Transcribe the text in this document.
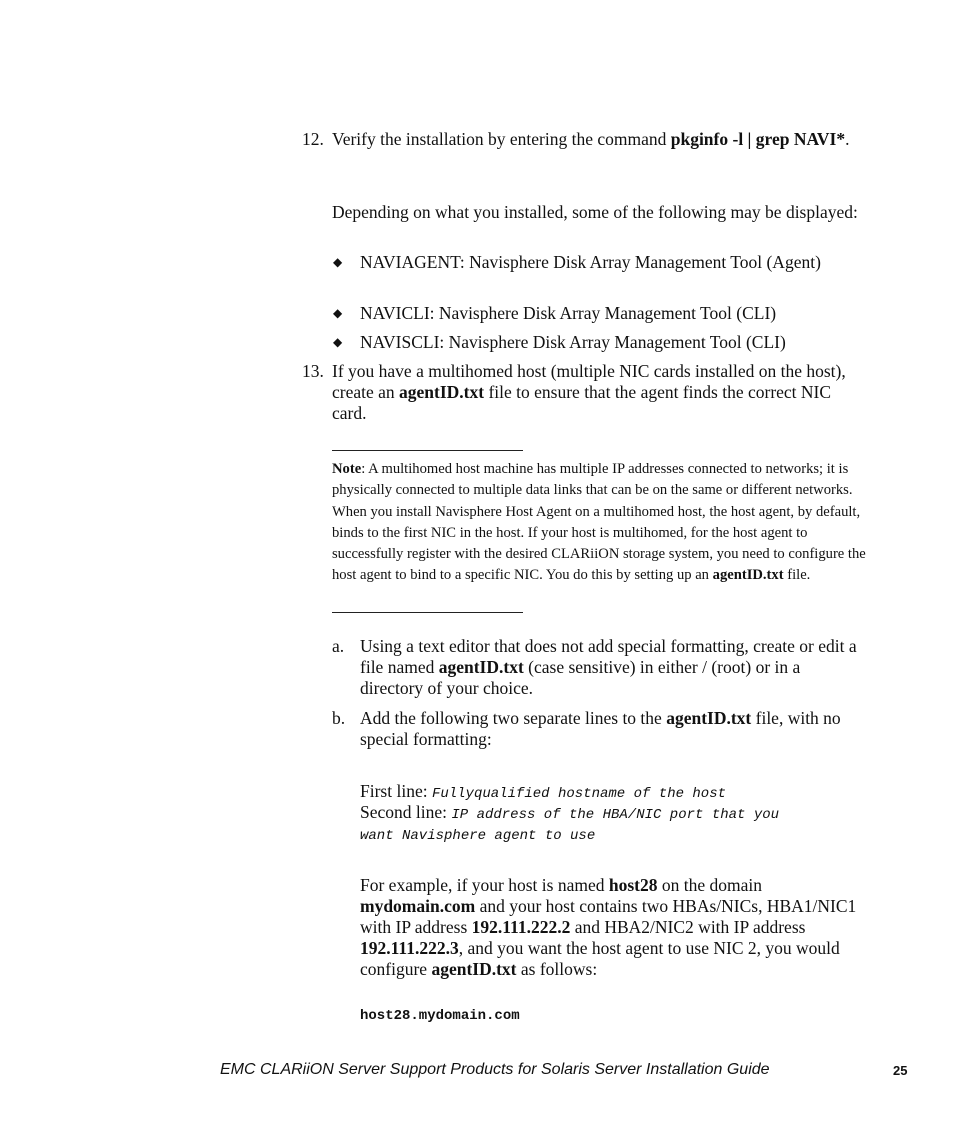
12. Verify the installation by entering the command pkginfo -l | grep NAVI*.
Depending on what you installed, some of the following may be displayed:
◆ NAVIAGENT: Navisphere Disk Array Management Tool (Agent)
◆ NAVICLI: Navisphere Disk Array Management Tool (CLI)
◆ NAVISCLI: Navisphere Disk Array Management Tool (CLI)
13. If you have a multihomed host (multiple NIC cards installed on the host), create an agentID.txt file to ensure that the agent finds the correct NIC card.
Note: A multihomed host machine has multiple IP addresses connected to networks; it is physically connected to multiple data links that can be on the same or different networks. When you install Navisphere Host Agent on a multihomed host, the host agent, by default, binds to the first NIC in the host. If your host is multihomed, for the host agent to successfully register with the desired CLARiiON storage system, you need to configure the host agent to bind to a specific NIC. You do this by setting up an agentID.txt file.
a. Using a text editor that does not add special formatting, create or edit a file named agentID.txt (case sensitive) in either / (root) or in a directory of your choice.
b. Add the following two separate lines to the agentID.txt file, with no special formatting:
First line: Fullyqualified hostname of the host
Second line: IP address of the HBA/NIC port that you
want Navisphere agent to use
For example, if your host is named host28 on the domain mydomain.com and your host contains two HBAs/NICs, HBA1/NIC1 with IP address 192.111.222.2 and HBA2/NIC2 with IP address 192.111.222.3, and you want the host agent to use NIC 2, you would configure agentID.txt as follows:
host28.mydomain.com
EMC CLARiiON Server Support Products for Solaris Server Installation Guide	25
